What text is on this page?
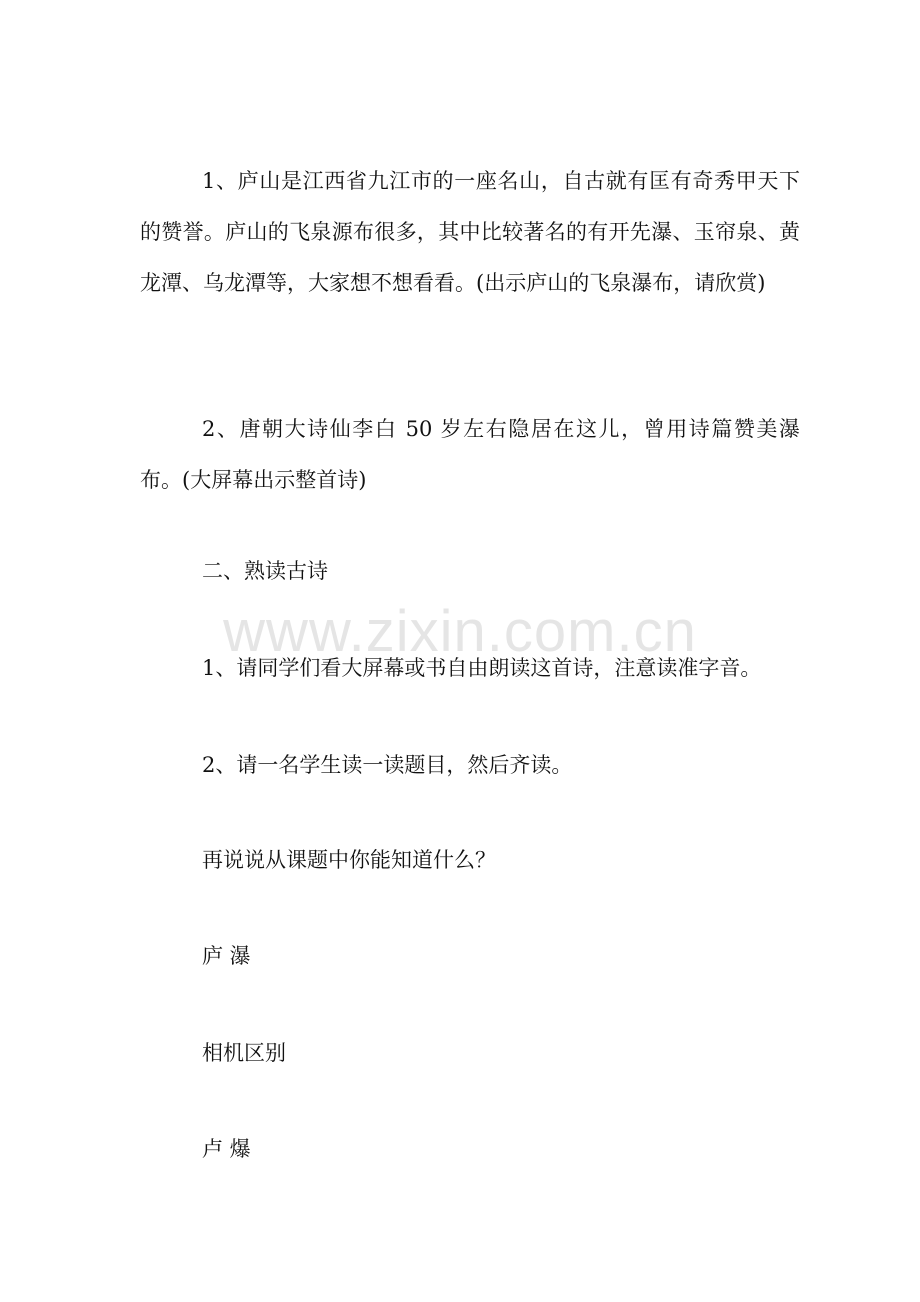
1、庐山是江西省九江市的一座名山，自古就有匡有奇秀甲天下的赞誉。庐山的飞泉源布很多，其中比较著名的有开先瀑、玉帘泉、黄龙潭、乌龙潭等，大家想不想看看。(出示庐山的飞泉瀑布，请欣赏)

2、唐朝大诗仙李白 50 岁左右隐居在这儿，曾用诗篇赞美瀑布。(大屏幕出示整首诗)

二、熟读古诗

1、请同学们看大屏幕或书自由朗读这首诗，注意读准字音。

2、请一名学生读一读题目，然后齐读。

再说说从课题中你能知道什么？

庐 瀑

相机区别

卢 爆

www.zixin.com.cn
